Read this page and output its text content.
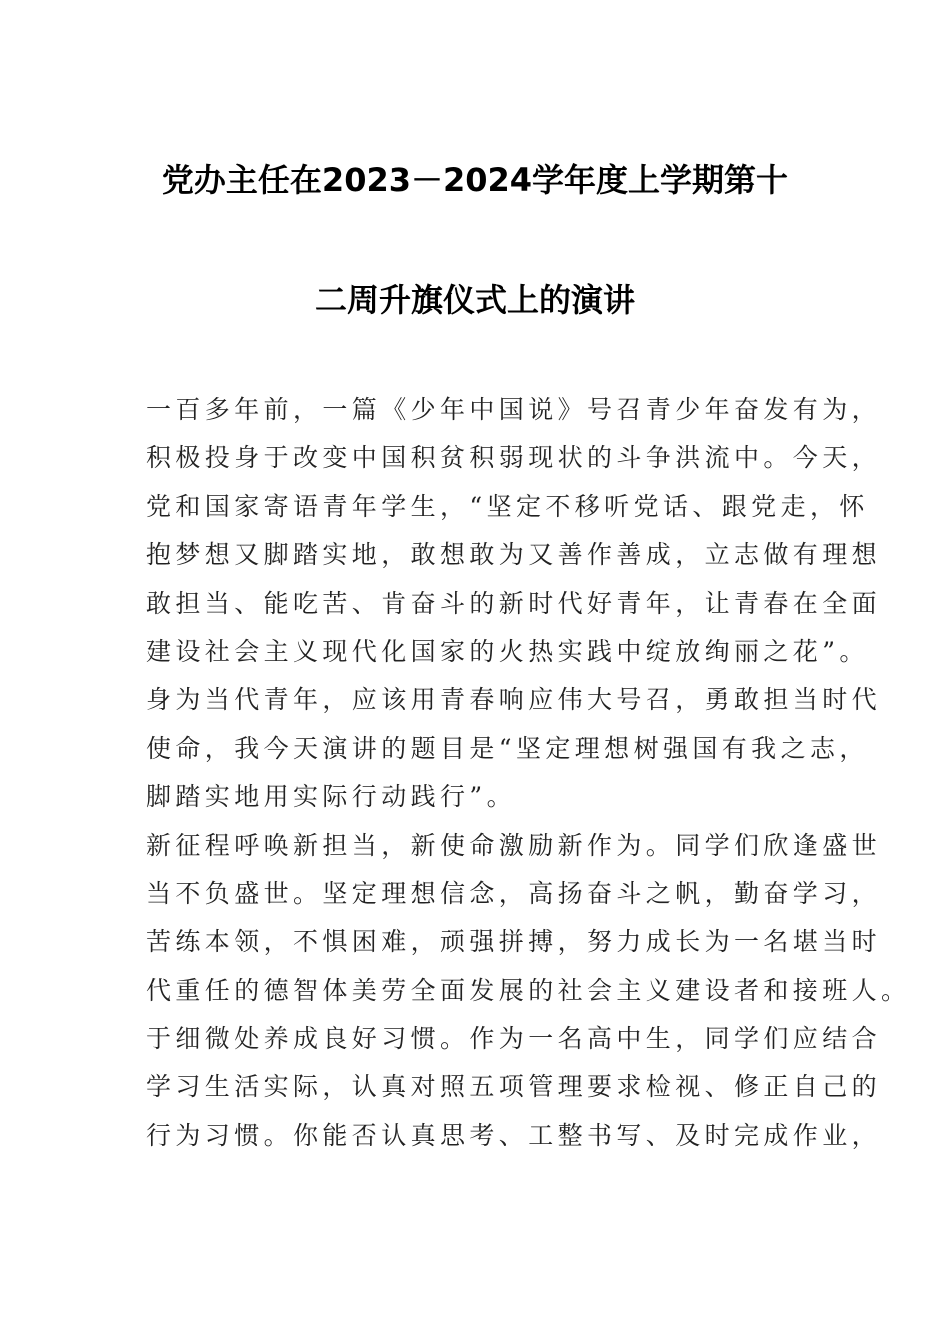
党办主任在2023－2024学年度上学期第十
二周升旗仪式上的演讲
一百多年前，一篇《少年中国说》号召青少年奋发有为，
积极投身于改变中国积贫积弱现状的斗争洪流中。今天，
党和国家寄语青年学生，“坚定不移听党话、跟党走，怀
抱梦想又脚踏实地，敢想敢为又善作善成，立志做有理想
敢担当、能吃苦、肯奋斗的新时代好青年，让青春在全面
建设社会主义现代化国家的火热实践中绽放绚丽之花”。
身为当代青年，应该用青春响应伟大号召，勇敢担当时代
使命，我今天演讲的题目是“坚定理想树强国有我之志，
脚踏实地用实际行动践行”。
新征程呼唤新担当，新使命激励新作为。同学们欣逢盛世
当不负盛世。坚定理想信念，高扬奋斗之帆，勤奋学习，
苦练本领，不惧困难，顽强拼搏，努力成长为一名堪当时
代重任的德智体美劳全面发展的社会主义建设者和接班人。
于细微处养成良好习惯。作为一名高中生，同学们应结合
学习生活实际，认真对照五项管理要求检视、修正自己的
行为习惯。你能否认真思考、工整书写、及时完成作业，
